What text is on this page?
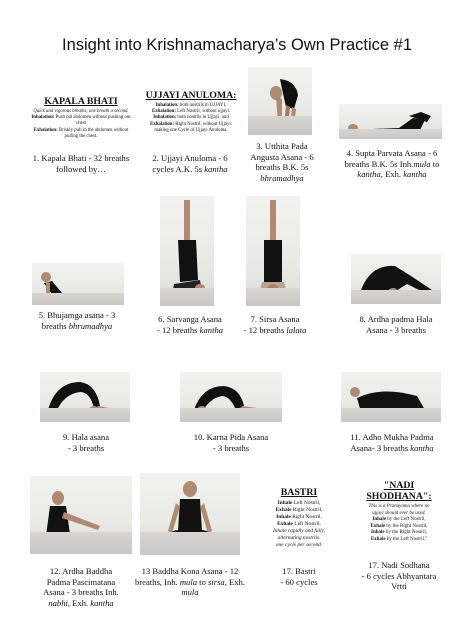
Insight into Krishnamacharya’s Own Practice #1
KAPALA BHATI
Quick and vigorous breaths, one breath a second.
Inhalation: Push out abdomen without pushing out chest
Exhalation: Briskly pull in the abdomen without pulling the chest.
1. Kapala Bhati - 32 breaths
followed by…
UJJAYI ANULOMA:
Inhalation: both nostrils in UJJAYI,
Exhalation: Left Nostril, without ujjayi.
Inhalation: both nostrils in Ujjayi, and
Exhalation: Right Nostril, without Ujjayi.
making one Cycle of Ujjayi Anuloma.
2. Ujjayi Anuloma - 6
cycles A.K. 5s kantha
3. Utthita Pada
Angusta Asana - 6
breaths B.K. 5s
bhramadhya
4. Supta Parvata Asana - 6
breaths B.K. 5s Inh.mula to
kantha, Exh. kantha
5. Bhujamga asana - 3
breaths bhrumadhya
6. Sarvanga Asana
- 12 breaths kantha
7. Sirsa Asana
- 12 breaths lalata
8. Ardha padma Hala
Asana - 3 breaths
9. Hala asana
- 3 breaths
10. Karna Pida Asana
- 3 breaths
11. Adho Mukha Padma
Asana- 3 breaths kantha
12. Ardha Baddha
Padma Pascimatana
Asana - 3 breaths Inh.
nabhi, Exh. kantha
13 Baddha Kona Asana - 12
breaths, Inh. mula to sirsa, Exh.
mula
BASTRI
Inhale Left Nostril,
Exhale Right Nostril,
Inhale Right Nostril,
Exhale Left Nostril.
Inhale rapidly and fully,
alternating nostrils.
one cycle per second.
17. Bastri
- 60 cycles
"NADI SHODHANA":
This is a Pranayama where no
ujjayi should ever be used.
Inhale by the Left Nostril,
Exhale by the Right Nostril,
Inhale by the Right Nostril,
Exhale by the Left Nostril."
17. Nadi Sodhana
- 6 cycles Abhyantara
Vrtti
